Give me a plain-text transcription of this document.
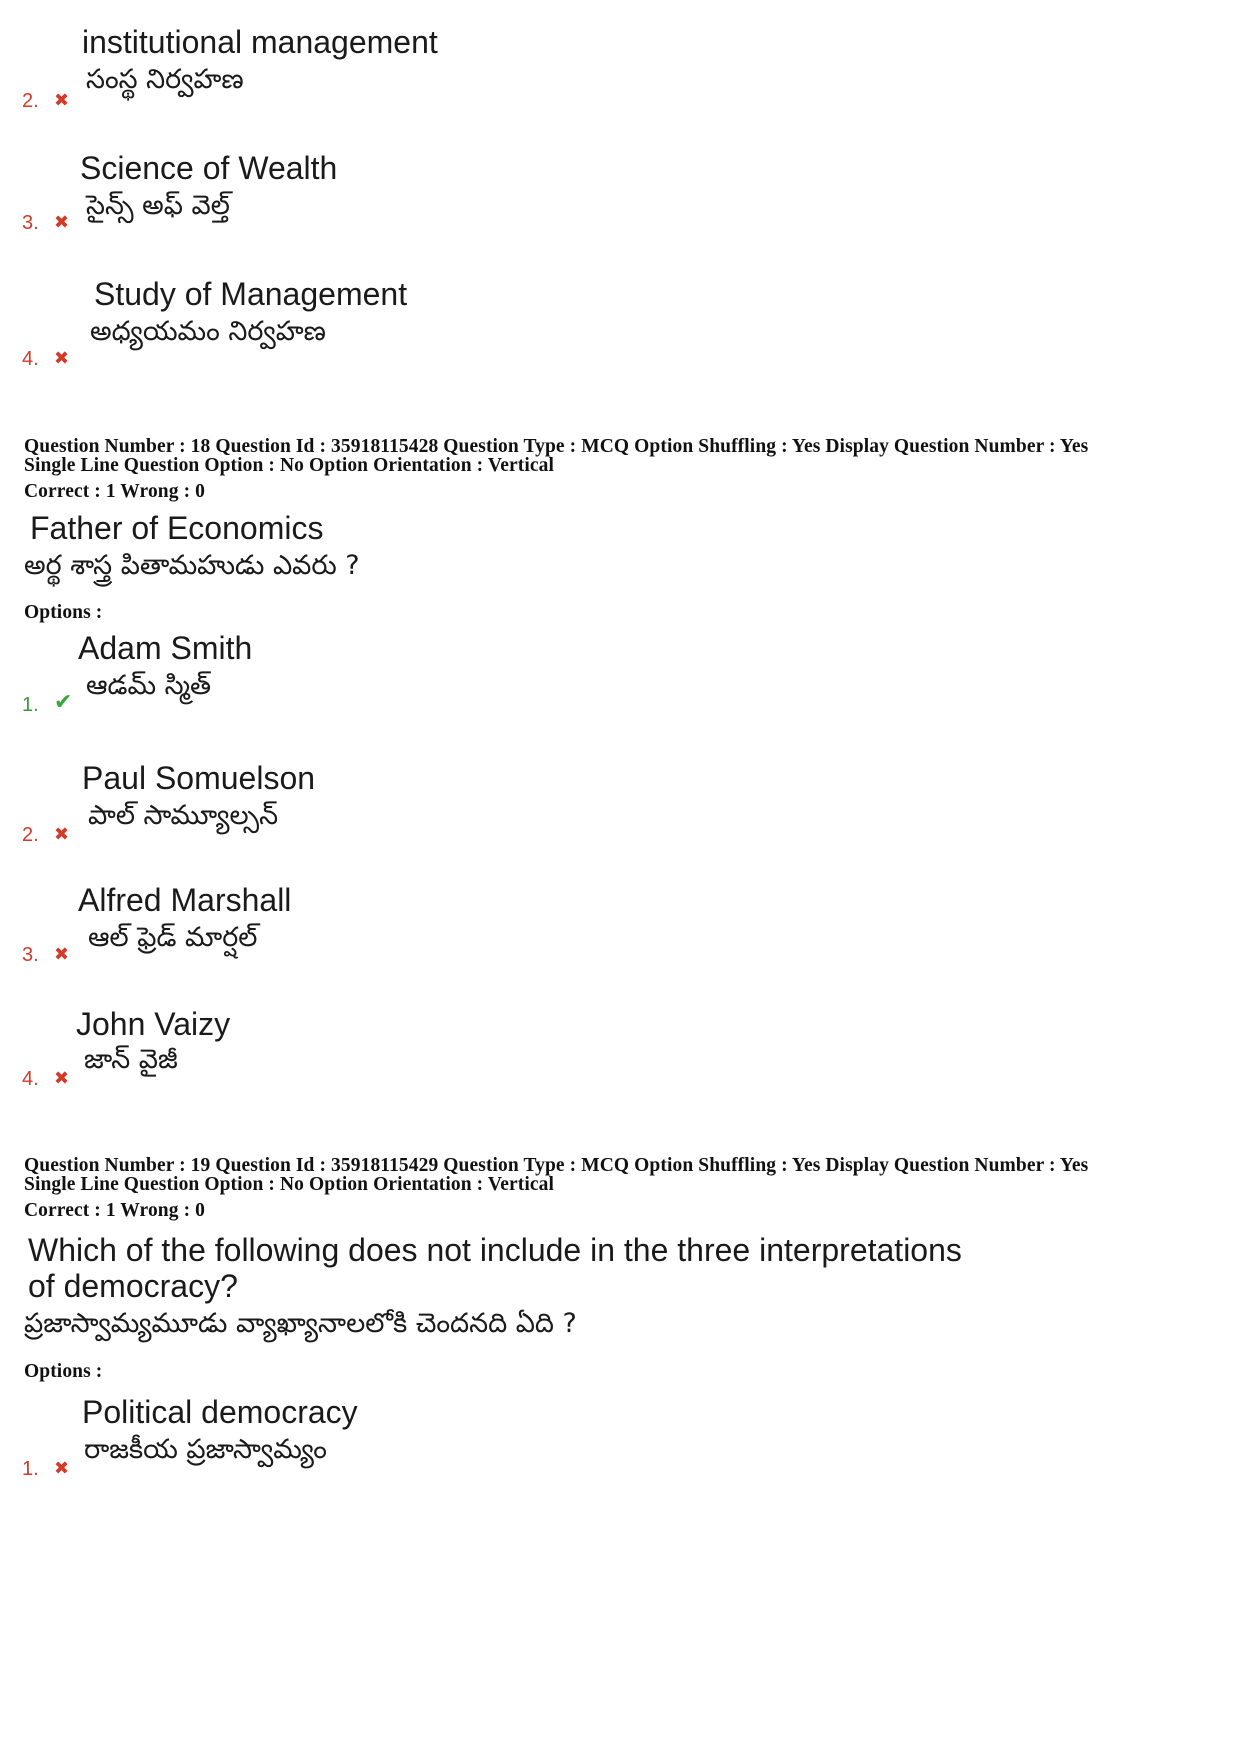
institutional management
సంస్థ నిర్వహణ
2. ✖
Science of Wealth
సైన్స్ అఫ్ వెల్త్
3. ✖
Study of Management
అధ్యయమం నిర్వహణ
4. ✖
Question Number : 18 Question Id : 35918115428 Question Type : MCQ Option Shuffling : Yes Display Question Number : Yes
Single Line Question Option : No Option Orientation : Vertical
Correct : 1 Wrong : 0
Father of Economics
అర్థ శాస్త్ర పితామహుడు ఎవరు ?
Options :
Adam Smith
ఆడమ్ స్మిత్
1. ✔
Paul Somuelson
పాల్ సామ్యూల్సన్
2. ✖
Alfred Marshall
ఆల్ ఫ్రెడ్ మార్షల్
3. ✖
John Vaizy
జాన్ వైజీ
4. ✖
Question Number : 19 Question Id : 35918115429 Question Type : MCQ Option Shuffling : Yes Display Question Number : Yes
Single Line Question Option : No Option Orientation : Vertical
Correct : 1 Wrong : 0
Which of the following does not include in the three interpretations of democracy?
ప్రజాస్వామ్యమూడు వ్యాఖ్యానాలలోకి చెందనది ఏది ?
Options :
Political democracy
రాజకీయ ప్రజాస్వామ్యం
1. ✖
